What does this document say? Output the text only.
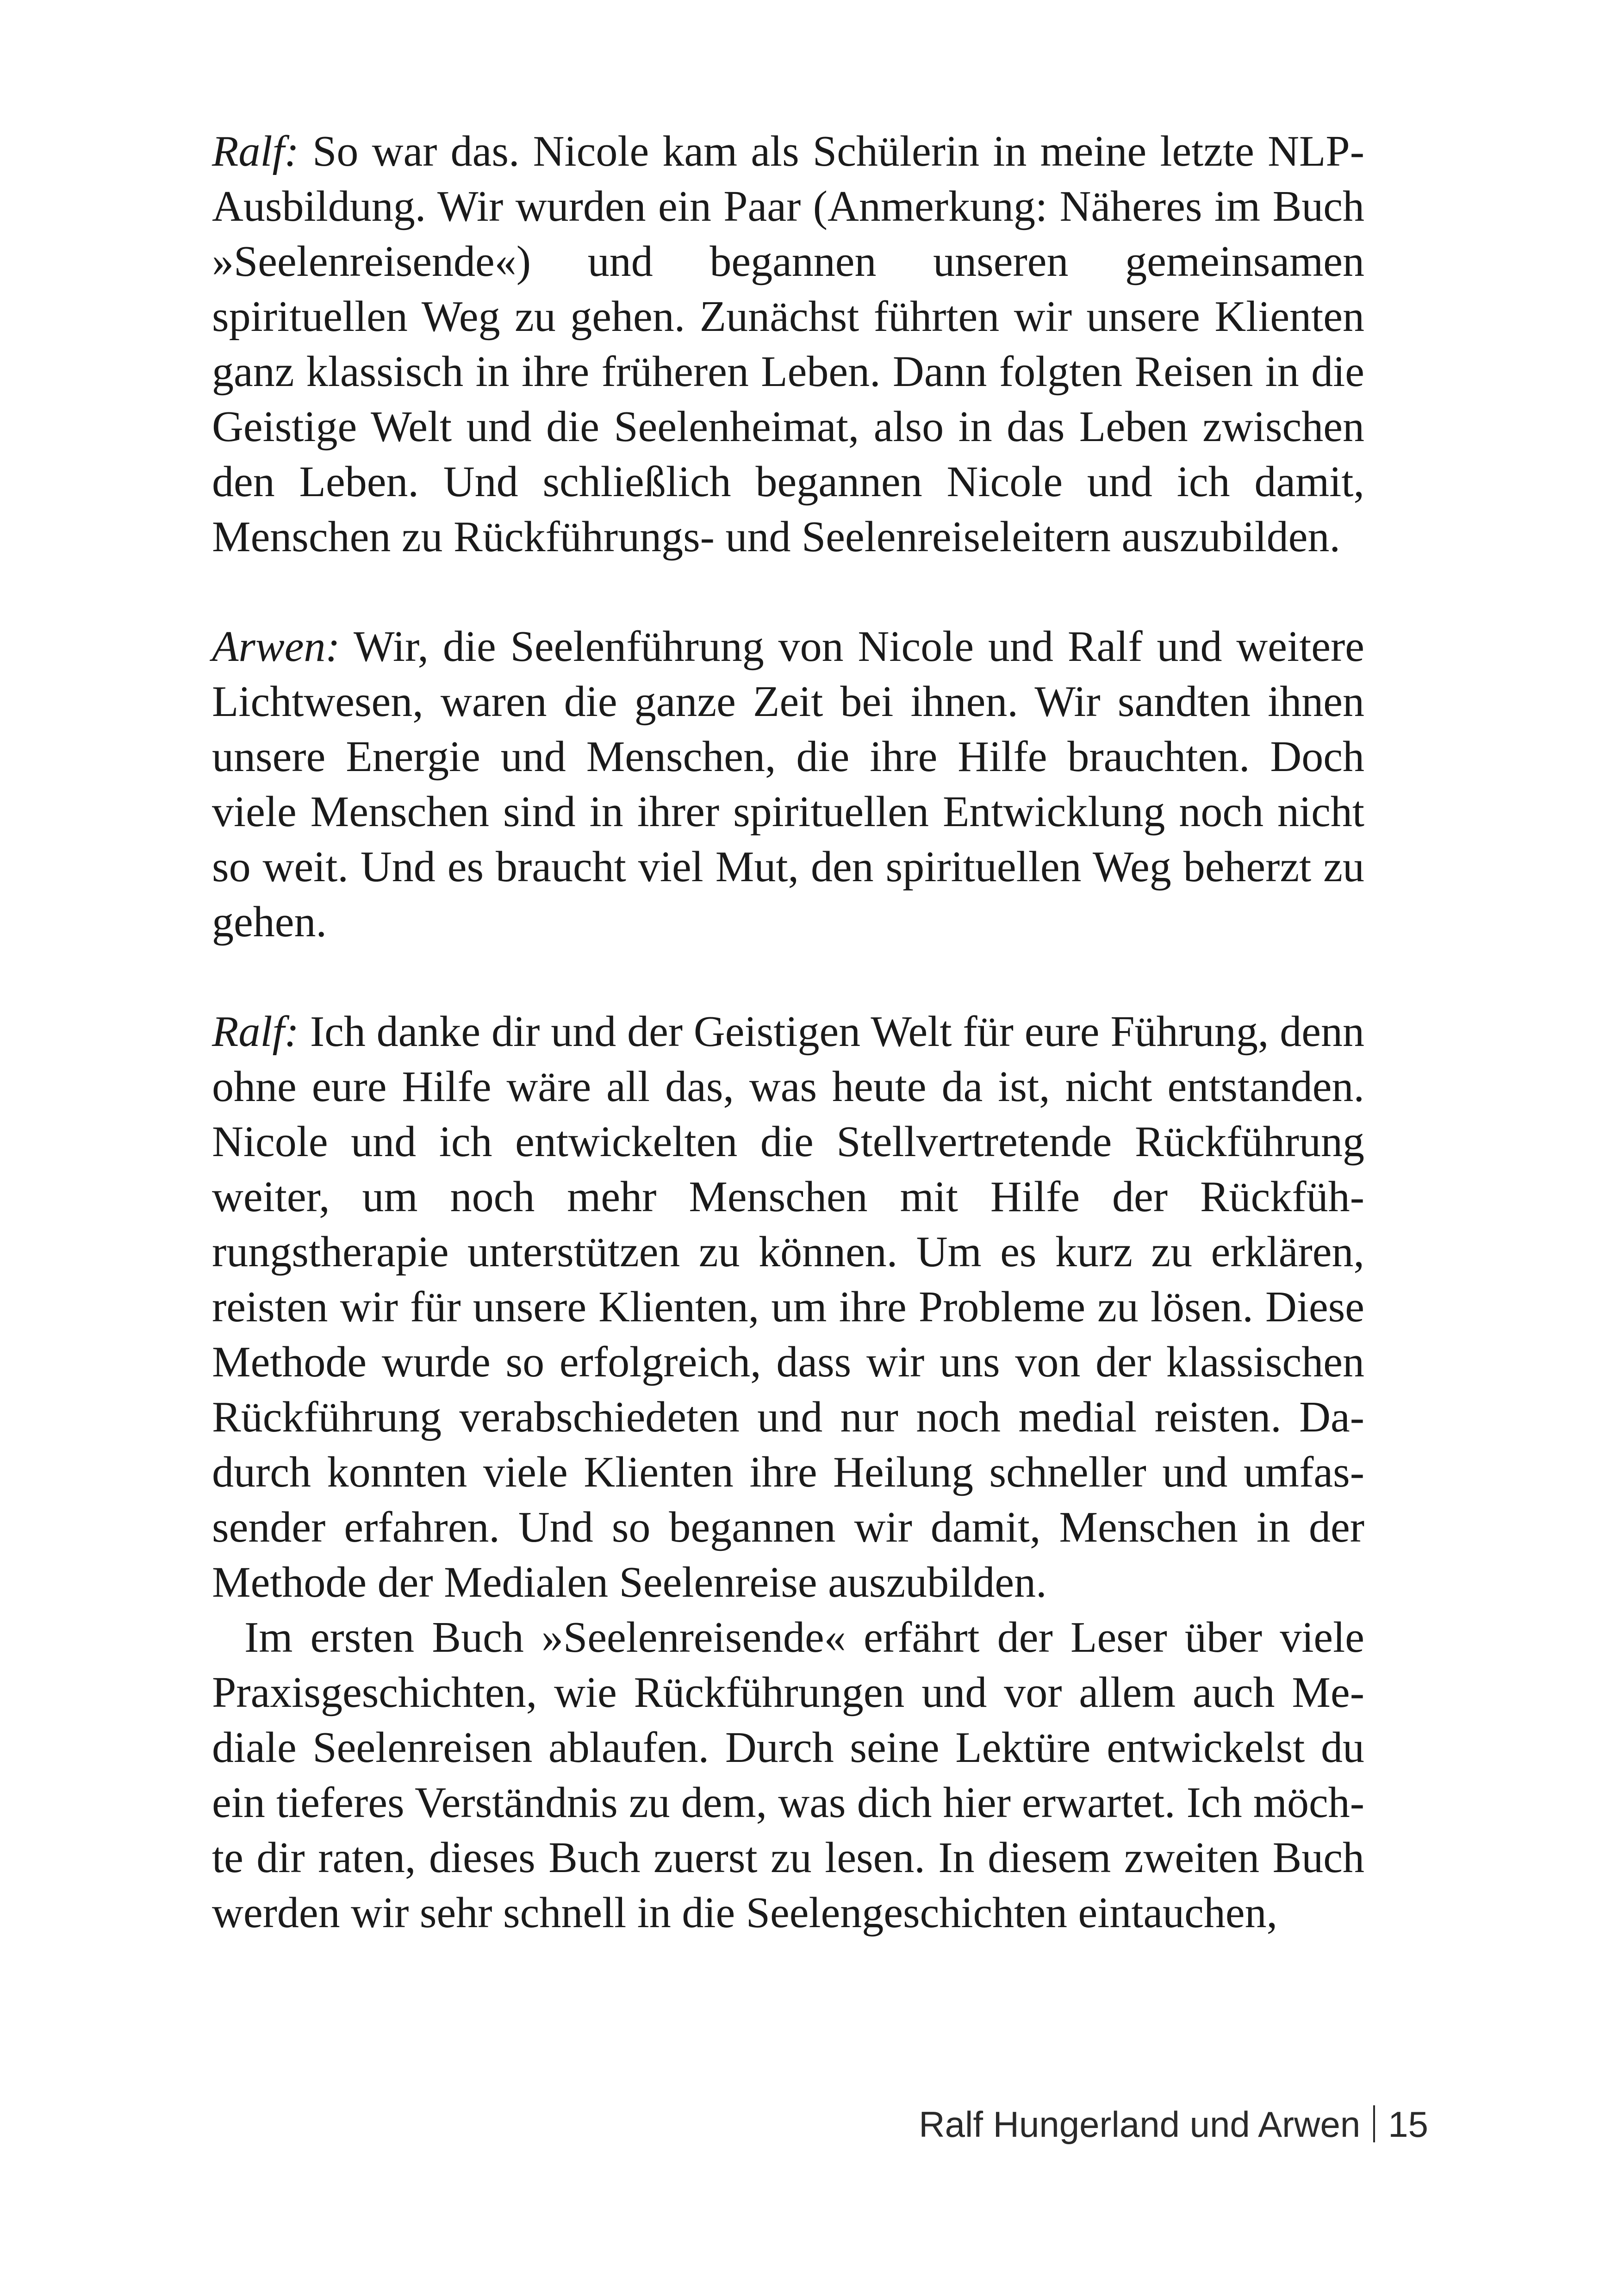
Ralf: So war das. Nicole kam als Schülerin in meine letzte NLP-Ausbildung. Wir wurden ein Paar (Anmerkung: Näheres im Buch »Seelenreisende«) und begannen unseren gemeinsamen spirituellen Weg zu gehen. Zunächst führten wir unsere Klienten ganz klassisch in ihre früheren Leben. Dann folgten Reisen in die Geistige Welt und die Seelenheimat, also in das Leben zwischen den Leben. Und schließlich begannen Nicole und ich damit, Menschen zu Rückführungs- und Seelenreiseleitern auszubilden.

Arwen: Wir, die Seelenführung von Nicole und Ralf und weitere Lichtwesen, waren die ganze Zeit bei ihnen. Wir sandten ihnen unsere Energie und Menschen, die ihre Hilfe brauchten. Doch viele Menschen sind in ihrer spirituellen Entwicklung noch nicht so weit. Und es braucht viel Mut, den spirituellen Weg beherzt zu gehen.

Ralf: Ich danke dir und der Geistigen Welt für eure Führung, denn ohne eure Hilfe wäre all das, was heute da ist, nicht entstanden. Nicole und ich entwickelten die Stellvertretende Rückführung weiter, um noch mehr Menschen mit Hilfe der Rückführungstherapie unterstützen zu können. Um es kurz zu erklären, reisten wir für unsere Klienten, um ihre Probleme zu lösen. Diese Methode wurde so erfolgreich, dass wir uns von der klassischen Rückführung verabschiedeten und nur noch medial reisten. Dadurch konnten viele Klienten ihre Heilung schneller und umfassender erfahren. Und so begannen wir damit, Menschen in der Methode der Medialen Seelenreise auszubilden.

Im ersten Buch »Seelenreisende« erfährt der Leser über viele Praxisgeschichten, wie Rückführungen und vor allem auch Mediale Seelenreisen ablaufen. Durch seine Lektüre entwickelst du ein tieferes Verständnis zu dem, was dich hier erwartet. Ich möchte dir raten, dieses Buch zuerst zu lesen. In diesem zweiten Buch werden wir sehr schnell in die Seelengeschichten eintauchen,

Ralf Hungerland und Arwen 15
